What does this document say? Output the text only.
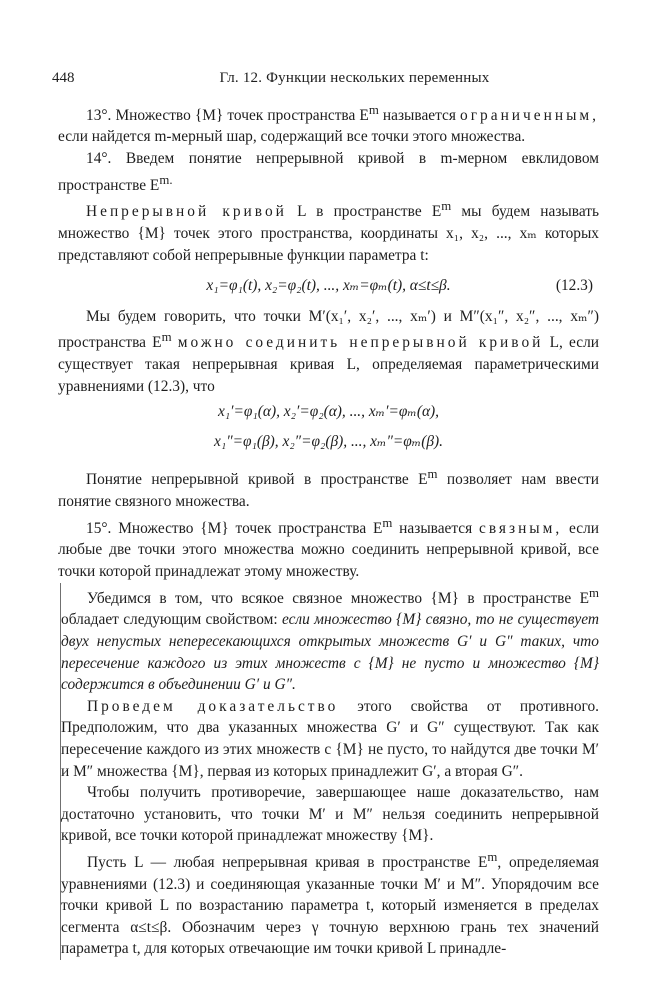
448	Гл. 12. Функции нескольких переменных

13°. Множество {M} точек пространства $E^m$ называется ограниченным, если найдется m-мерный шар, содержащий все точки этого множества.

14°. Введем понятие непрерывной кривой в m-мерном евклидовом пространстве $E^{m.}$

Непрерывной кривой L в пространстве $E^m$ мы будем называть множество {M} точек этого пространства, координаты x₁, x₂, ..., xₘ которых представляют собой непрерывные функции параметра t:

x₁=φ₁(t), x₂=φ₂(t), ..., xₘ=φₘ(t), α≤t≤β.	(12.3)

Мы будем говорить, что точки M′(x₁′, x₂′, ..., xₘ′) и M″(x₁″, x₂″, ..., xₘ″) пространства $E^m$ можно соединить непрерывной кривой L, если существует такая непрерывная кривая L, определяемая параметрическими уравнениями (12.3), что

x₁′=φ₁(α), x₂′=φ₂(α), ..., xₘ′=φₘ(α),
x₁″=φ₁(β), x₂″=φ₂(β), ..., xₘ″=φₘ(β).

Понятие непрерывной кривой в пространстве $E^m$ позволяет нам ввести понятие связного множества.

15°. Множество {M} точек пространства $E^m$ называется связным, если любые две точки этого множества можно соединить непрерывной кривой, все точки которой принадлежат этому множеству.

Убедимся в том, что всякое связное множество {M} в пространстве $E^m$ обладает следующим свойством: если множество {M} связно, то не существует двух непустых непересекающихся открытых множеств G′ и G″ таких, что пересечение каждого из этих множеств с {M} не пусто и множество {M} содержится в объединении G′ и G″.

Проведем доказательство этого свойства от противного. Предположим, что два указанных множества G′ и G″ существуют. Так как пересечение каждого из этих множеств с {M} не пусто, то найдутся две точки M′ и M″ множества {M}, первая из которых принадлежит G′, а вторая G″.

Чтобы получить противоречие, завершающее наше доказательство, нам достаточно установить, что точки M′ и M″ нельзя соединить непрерывной кривой, все точки которой принадлежат множеству {M}.

Пусть L — любая непрерывная кривая в пространстве $E^m$, определяемая уравнениями (12.3) и соединяющая указанные точки M′ и M″. Упорядочим все точки кривой L по возрастанию параметра t, который изменяется в пределах сегмента α≤t≤β. Обозначим через γ точную верхнюю грань тех значений параметра t, для которых отвечающие им точки кривой L принадле-
